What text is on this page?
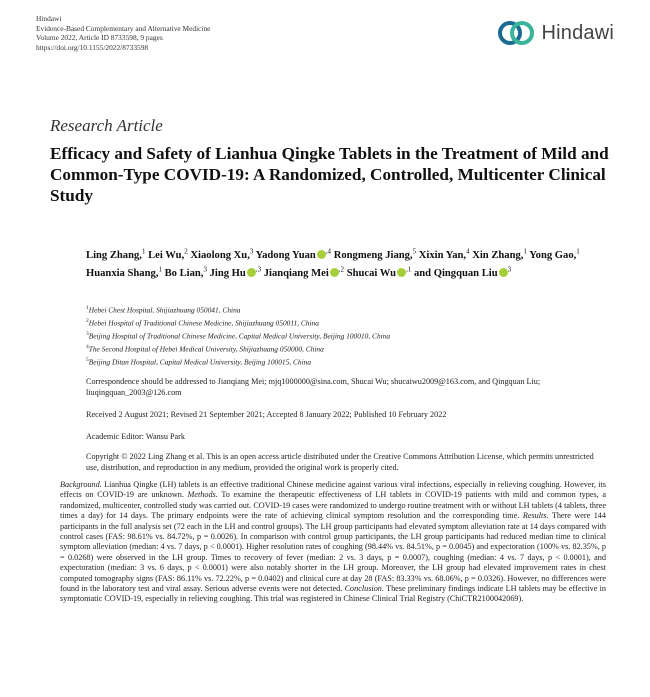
Hindawi
Evidence-Based Complementary and Alternative Medicine
Volume 2022, Article ID 8733598, 9 pages
https://doi.org/10.1155/2022/8733598
Hindawi
Research Article
Efficacy and Safety of Lianhua Qingke Tablets in the Treatment of Mild and Common-Type COVID-19: A Randomized, Controlled, Multicenter Clinical Study
Ling Zhang,$^1$ Lei Wu,$^2$ Xiaolong Xu,$^3$ Yadong Yuan $^{,4}$ Rongmeng Jiang,$^5$ Xixin Yan,$^4$ Xin Zhang,$^1$ Yong Gao,$^1$ Huanxia Shang,$^1$ Bo Lian,$^3$ Jing Hu $^{,3}$ Jianqiang Mei $^{,2}$ Shucai Wu $^{,1}$ and Qingquan Liu $^3$
$^1$Hebei Chest Hospital, Shijiazhuang 050041, China
$^2$Hebei Hospital of Traditional Chinese Medicine, Shijiazhuang 050011, China
$^3$Beijing Hospital of Traditional Chinese Medicine, Capital Medical University, Beijing 100010, China
$^4$The Second Hospital of Hebei Medical University, Shijiazhuang 050000, China
$^5$Beijing Ditan Hospital, Capital Medical University, Beijing 100015, China
Correspondence should be addressed to Jianqiang Mei; mjq1000000@sina.com, Shucai Wu; shucaiwu2009@163.com, and Qingquan Liu; liuqingquan_2003@126.com
Received 2 August 2021; Revised 21 September 2021; Accepted 8 January 2022; Published 10 February 2022
Academic Editor: Wansu Park
Copyright © 2022 Ling Zhang et al. This is an open access article distributed under the Creative Commons Attribution License, which permits unrestricted use, distribution, and reproduction in any medium, provided the original work is properly cited.
Background. Lianhua Qingke (LH) tablets is an effective traditional Chinese medicine against various viral infections, especially in relieving coughing. However, its effects on COVID-19 are unknown. Methods. To examine the therapeutic effectiveness of LH tablets in COVID-19 patients with mild and common types, a randomized, multicenter, controlled study was carried out. COVID-19 cases were randomized to undergo routine treatment with or without LH tablets (4 tablets, three times a day) for 14 days. The primary endpoints were the rate of achieving clinical symptom resolution and the corresponding time. Results. There were 144 participants in the full analysis set (72 each in the LH and control groups). The LH group participants had elevated symptom alleviation rate at 14 days compared with control cases (FAS: 98.61% vs. 84.72%, p = 0.0026). In comparison with control group participants, the LH group participants had reduced median time to clinical symptom alleviation (median: 4 vs. 7 days, p < 0.0001). Higher resolution rates of coughing (98.44% vs. 84.51%, p = 0.0045) and expectoration (100% vs. 82.35%, p = 0.0268) were observed in the LH group. Times to recovery of fever (median: 2 vs. 3 days, p = 0.0007), coughing (median: 4 vs. 7 days, p < 0.0001), and expectoration (median: 3 vs. 6 days, p < 0.0001) were also notably shorter in the LH group. Moreover, the LH group had elevated improvement rates in chest computed tomography signs (FAS: 86.11% vs. 72.22%, p = 0.0402) and clinical cure at day 28 (FAS: 83.33% vs. 68.06%, p = 0.0326). However, no differences were found in the laboratory test and viral assay. Serious adverse events were not detected. Conclusion. These preliminary findings indicate LH tablets may be effective in symptomatic COVID-19, especially in relieving coughing. This trial was registered in Chinese Clinical Trial Registry (ChiCTR2100042069).
